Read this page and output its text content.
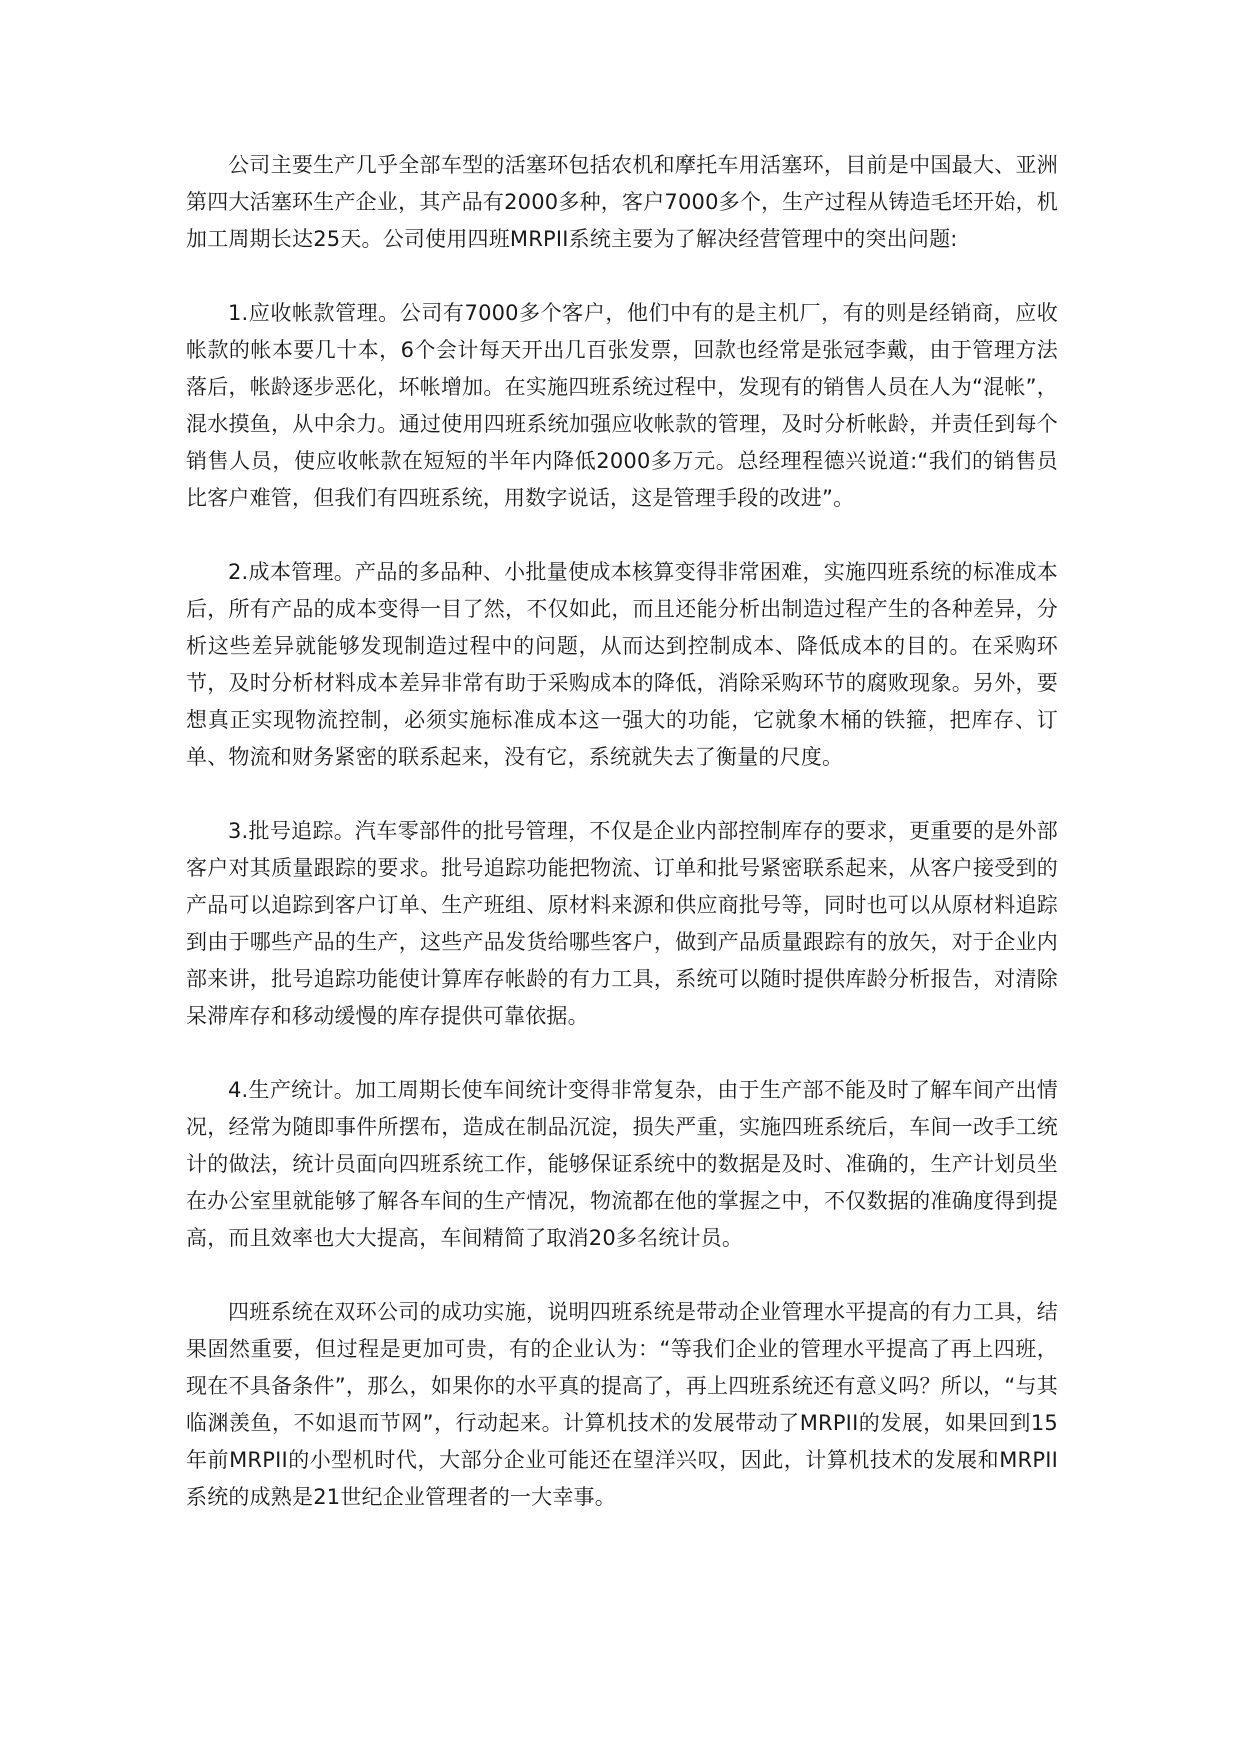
公司主要生产几乎全部车型的活塞环包括农机和摩托车用活塞环，目前是中国最大、亚洲第四大活塞环生产企业，其产品有2000多种，客户7000多个，生产过程从铸造毛坯开始，机加工周期长达25天。公司使用四班MRPII系统主要为了解决经营管理中的突出问题:

1.应收帐款管理。公司有7000多个客户，他们中有的是主机厂，有的则是经销商，应收帐款的帐本要几十本，6个会计每天开出几百张发票，回款也经常是张冠李戴，由于管理方法落后，帐龄逐步恶化，坏帐增加。在实施四班系统过程中，发现有的销售人员在人为“混帐”，混水摸鱼，从中余力。通过使用四班系统加强应收帐款的管理，及时分析帐龄，并责任到每个销售人员，使应收帐款在短短的半年内降低2000多万元。总经理程德兴说道:“我们的销售员比客户难管，但我们有四班系统，用数字说话，这是管理手段的改进”。

2.成本管理。产品的多品种、小批量使成本核算变得非常困难，实施四班系统的标准成本后，所有产品的成本变得一目了然，不仅如此，而且还能分析出制造过程产生的各种差异，分析这些差异就能够发现制造过程中的问题，从而达到控制成本、降低成本的目的。在采购环节，及时分析材料成本差异非常有助于采购成本的降低，消除采购环节的腐败现象。另外，要想真正实现物流控制，必须实施标准成本这一强大的功能，它就象木桶的铁箍，把库存、订单、物流和财务紧密的联系起来，没有它，系统就失去了衡量的尺度。

3.批号追踪。汽车零部件的批号管理，不仅是企业内部控制库存的要求，更重要的是外部客户对其质量跟踪的要求。批号追踪功能把物流、订单和批号紧密联系起来，从客户接受到的产品可以追踪到客户订单、生产班组、原材料来源和供应商批号等，同时也可以从原材料追踪到由于哪些产品的生产，这些产品发货给哪些客户，做到产品质量跟踪有的放矢，对于企业内部来讲，批号追踪功能使计算库存帐龄的有力工具，系统可以随时提供库龄分析报告，对清除呆滞库存和移动缓慢的库存提供可靠依据。

4.生产统计。加工周期长使车间统计变得非常复杂，由于生产部不能及时了解车间产出情况，经常为随即事件所摆布，造成在制品沉淀，损失严重，实施四班系统后，车间一改手工统计的做法，统计员面向四班系统工作，能够保证系统中的数据是及时、准确的，生产计划员坐在办公室里就能够了解各车间的生产情况，物流都在他的掌握之中，不仅数据的准确度得到提高，而且效率也大大提高，车间精简了取消20多名统计员。

四班系统在双环公司的成功实施，说明四班系统是带动企业管理水平提高的有力工具，结果固然重要，但过程是更加可贵，有的企业认为：“等我们企业的管理水平提高了再上四班，现在不具备条件”，那么，如果你的水平真的提高了，再上四班系统还有意义吗？所以，“与其临渊羡鱼，不如退而节网”，行动起来。计算机技术的发展带动了MRPII的发展，如果回到15年前MRPII的小型机时代，大部分企业可能还在望洋兴叹，因此，计算机技术的发展和MRPII系统的成熟是21世纪企业管理者的一大幸事。
